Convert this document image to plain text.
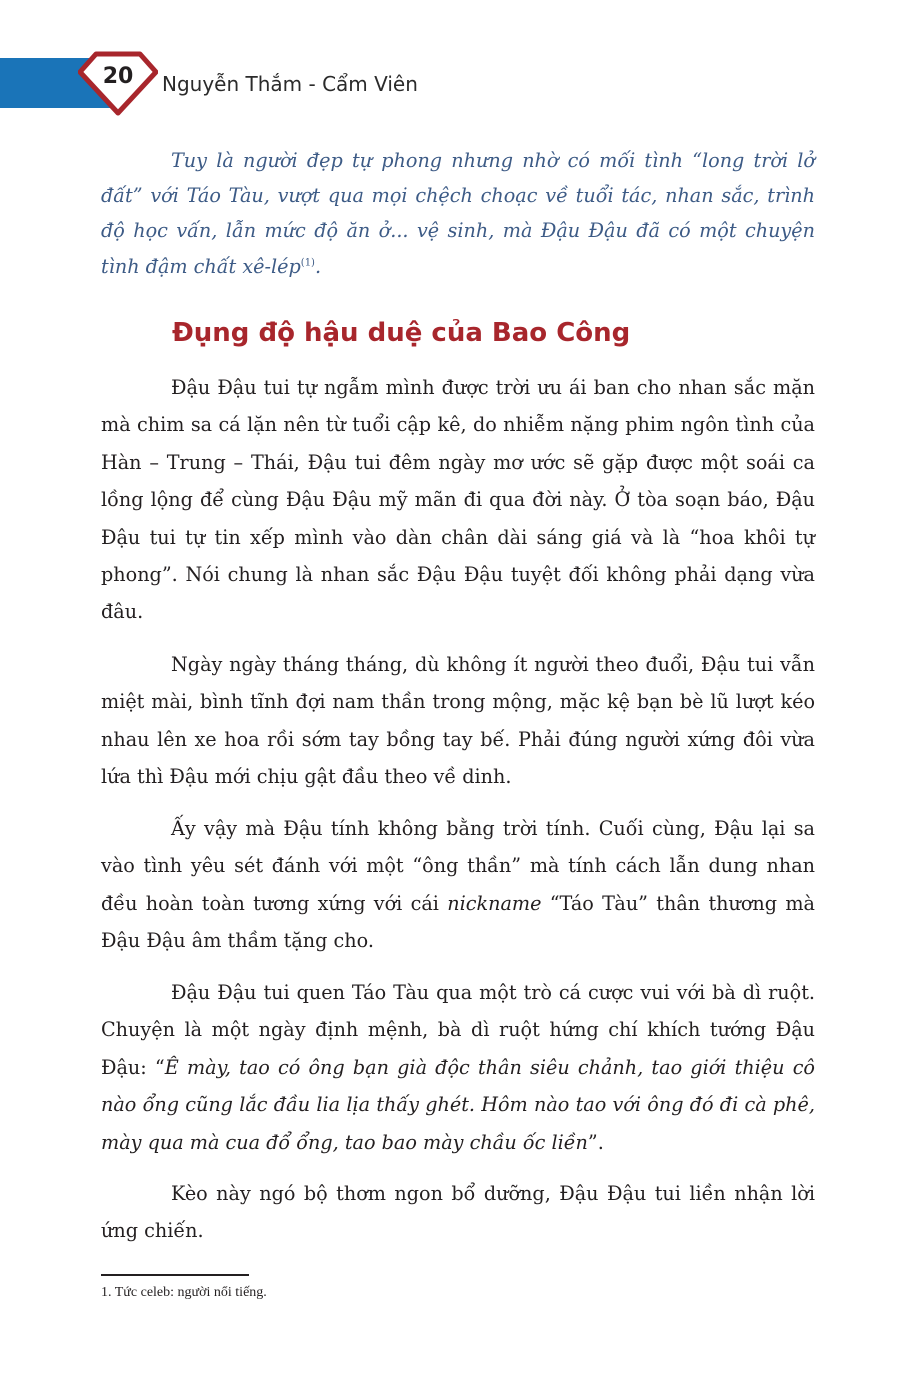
20	Nguyễn Thắm - Cẩm Viên

Tuy là người đẹp tự phong nhưng nhờ có mối tình “long trời lở đất” với Táo Tàu, vượt qua mọi chệch choạc về tuổi tác, nhan sắc, trình độ học vấn, lẫn mức độ ăn ở... vệ sinh, mà Đậu Đậu đã có một chuyện tình đậm chất xê-lép$^{(1)}$.

Đụng độ hậu duệ của Bao Công

Đậu Đậu tui tự ngẫm mình được trời ưu ái ban cho nhan sắc mặn mà chim sa cá lặn nên từ tuổi cập kê, do nhiễm nặng phim ngôn tình của Hàn – Trung – Thái, Đậu tui đêm ngày mơ ước sẽ gặp được một soái ca lồng lộng để cùng Đậu Đậu mỹ mãn đi qua đời này. Ở tòa soạn báo, Đậu Đậu tui tự tin xếp mình vào dàn chân dài sáng giá và là “hoa khôi tự phong”. Nói chung là nhan sắc Đậu Đậu tuyệt đối không phải dạng vừa đâu.

Ngày ngày tháng tháng, dù không ít người theo đuổi, Đậu tui vẫn miệt mài, bình tĩnh đợi nam thần trong mộng, mặc kệ bạn bè lũ lượt kéo nhau lên xe hoa rồi sớm tay bồng tay bế. Phải đúng người xứng đôi vừa lứa thì Đậu mới chịu gật đầu theo về dinh.

Ấy vậy mà Đậu tính không bằng trời tính. Cuối cùng, Đậu lại sa vào tình yêu sét đánh với một “ông thần” mà tính cách lẫn dung nhan đều hoàn toàn tương xứng với cái nickname “Táo Tàu” thân thương mà Đậu Đậu âm thầm tặng cho.

Đậu Đậu tui quen Táo Tàu qua một trò cá cược vui với bà dì ruột. Chuyện là một ngày định mệnh, bà dì ruột hứng chí khích tướng Đậu Đậu: “Ê mày, tao có ông bạn già độc thân siêu chảnh, tao giới thiệu cô nào ổng cũng lắc đầu lia lịa thấy ghét. Hôm nào tao với ông đó đi cà phê, mày qua mà cua đổ ổng, tao bao mày chầu ốc liền”.

Kèo này ngó bộ thơm ngon bổ dưỡng, Đậu Đậu tui liền nhận lời ứng chiến.

1. Tức celeb: người nổi tiếng.
